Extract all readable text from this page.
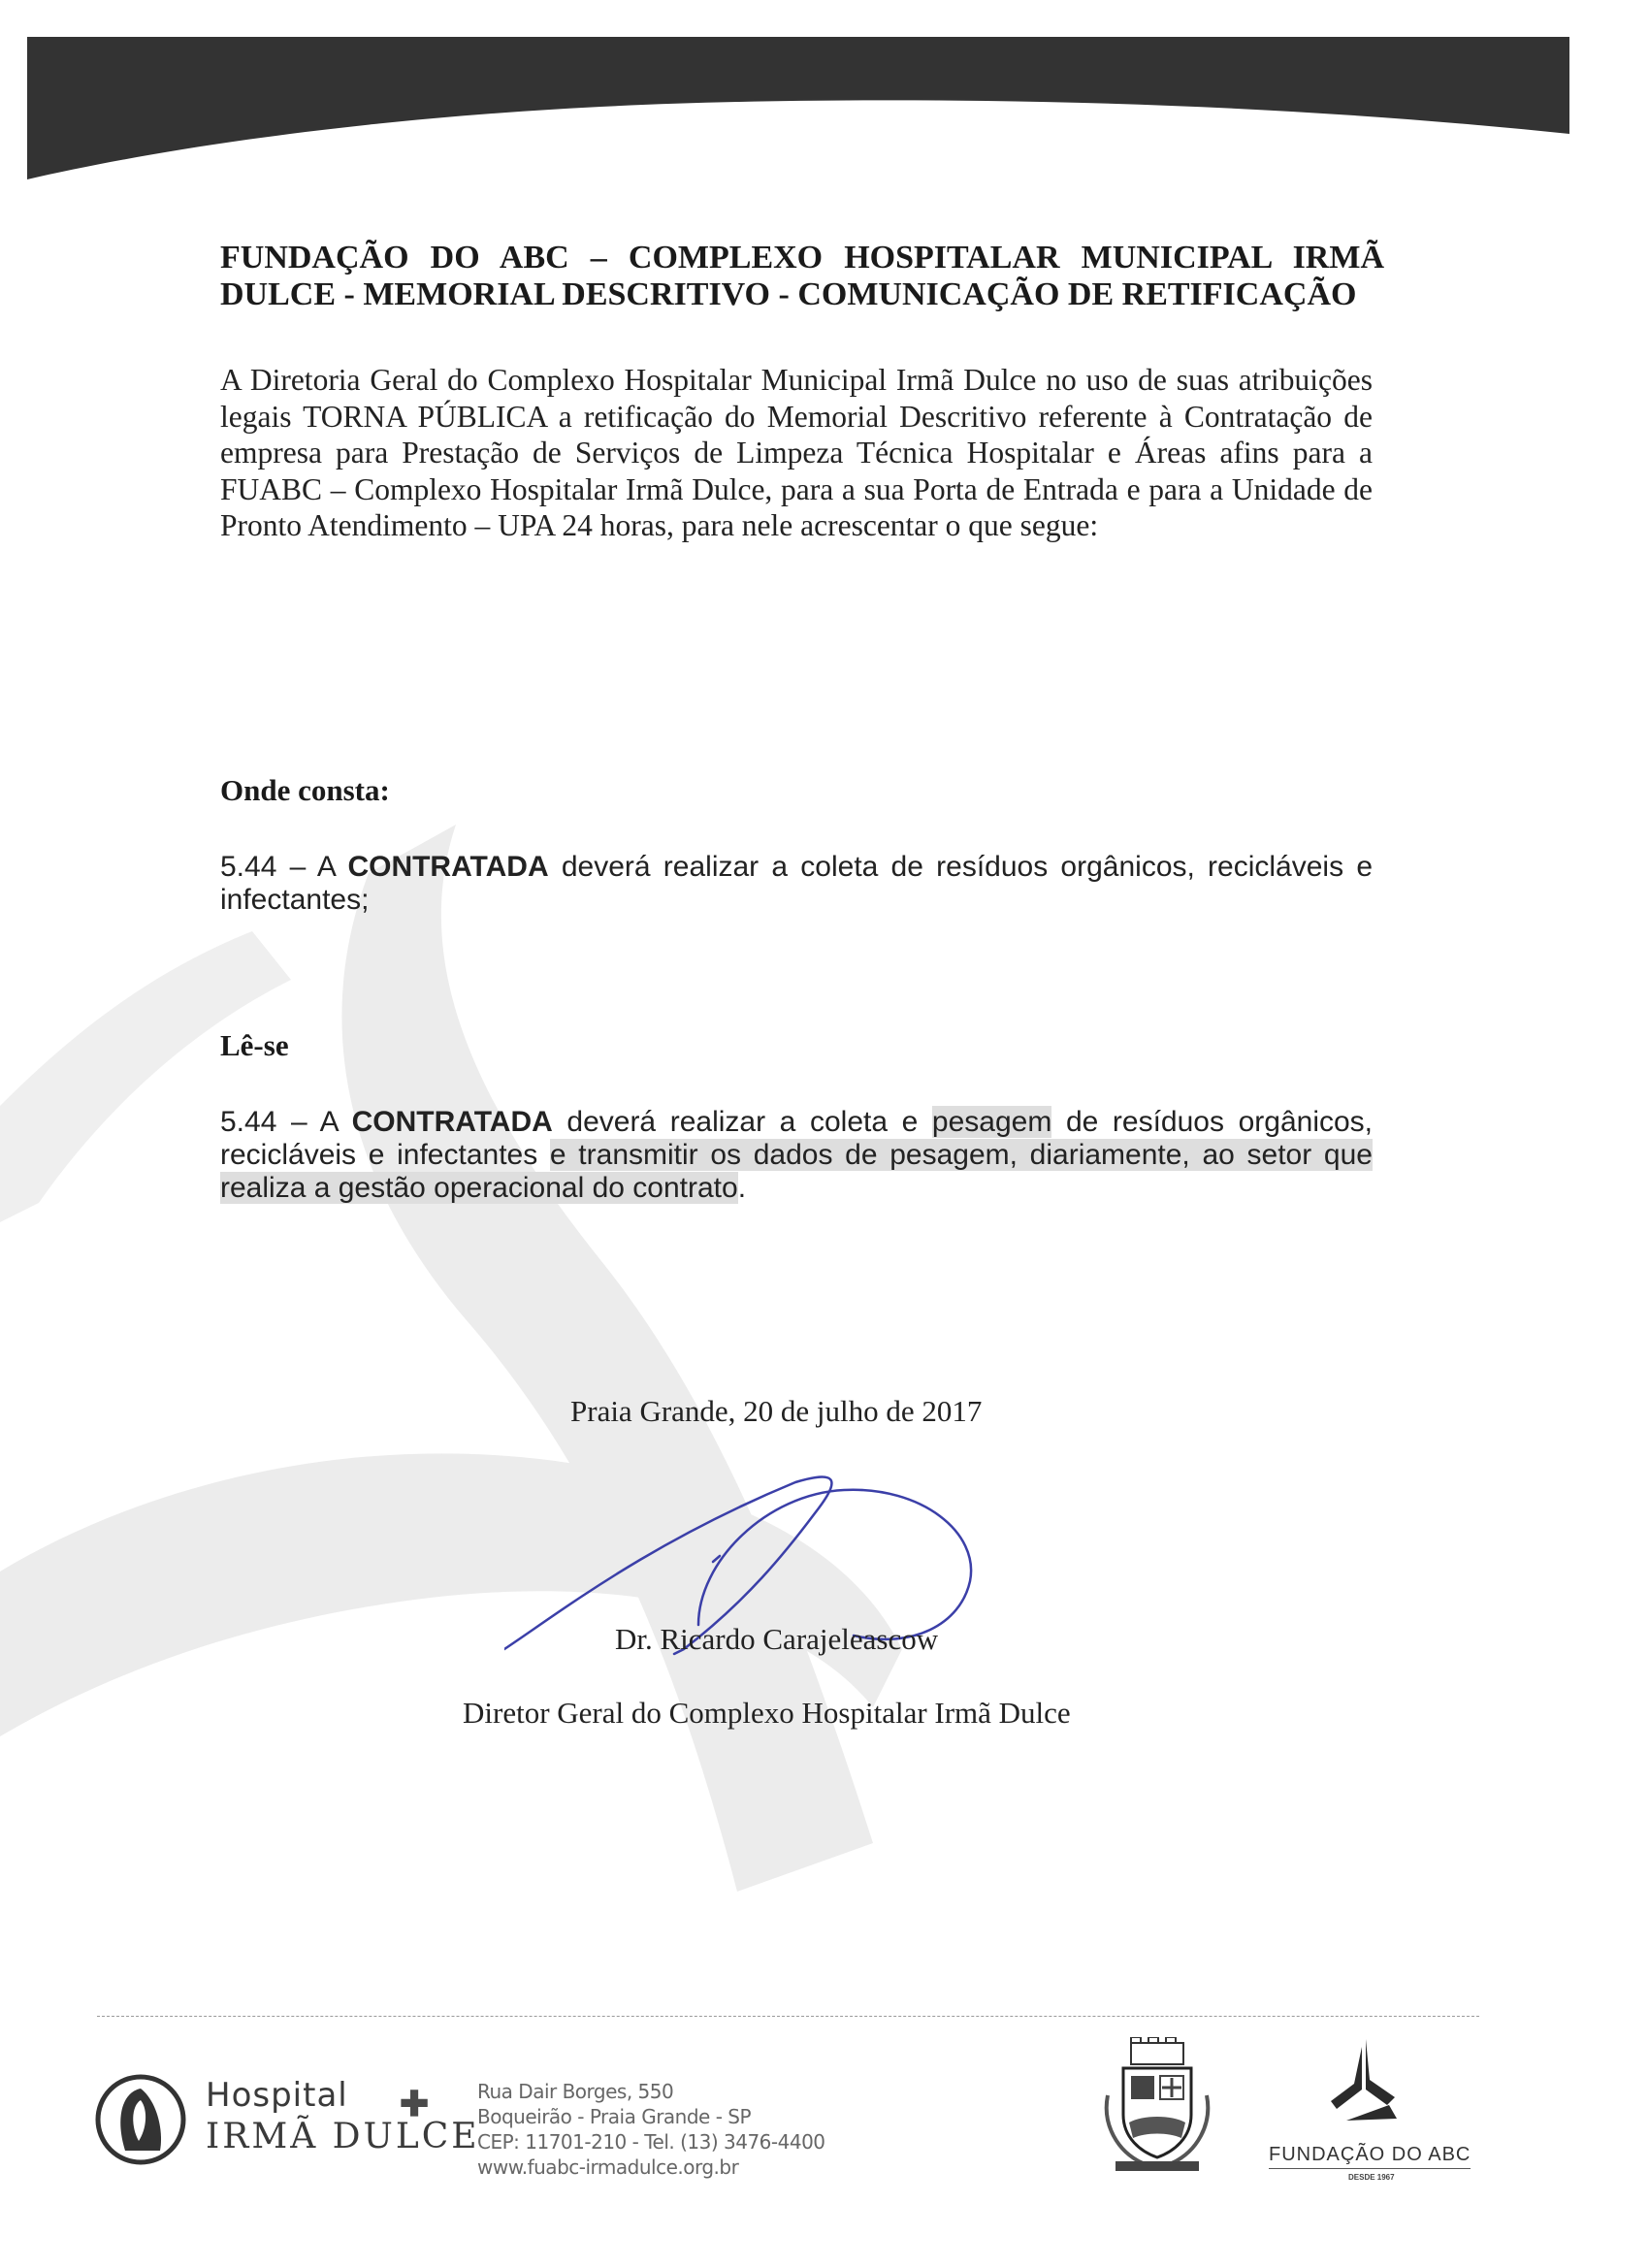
FUNDAÇÃO DO ABC – COMPLEXO HOSPITALAR MUNICIPAL IRMÃ DULCE - MEMORIAL DESCRITIVO - COMUNICAÇÃO DE RETIFICAÇÃO
A Diretoria Geral do Complexo Hospitalar Municipal Irmã Dulce no uso de suas atribuições legais TORNA PÚBLICA a retificação do Memorial Descritivo referente à Contratação de empresa para Prestação de Serviços de Limpeza Técnica Hospitalar e Áreas afins para a FUABC – Complexo Hospitalar Irmã Dulce, para a sua Porta de Entrada e para a Unidade de Pronto Atendimento – UPA 24 horas, para nele acrescentar o que segue:
Onde consta:
5.44 – A CONTRATADA deverá realizar a coleta de resíduos orgânicos, recicláveis e infectantes;
Lê-se
5.44 – A CONTRATADA deverá realizar a coleta e pesagem de resíduos orgânicos, recicláveis e infectantes e transmitir os dados de pesagem, diariamente, ao setor que realiza a gestão operacional do contrato.
Praia Grande, 20 de julho de 2017
Dr. Ricardo Carajeleascow
Diretor Geral do Complexo Hospitalar Irmã Dulce
Hospital ✚
IRMÃ DULCE
Rua Dair Borges, 550
Boqueirão - Praia Grande - SP
CEP: 11701-210 - Tel. (13) 3476-4400
www.fuabc-irmadulce.org.br
FUNDAÇÃO DO ABC
DESDE 1967
